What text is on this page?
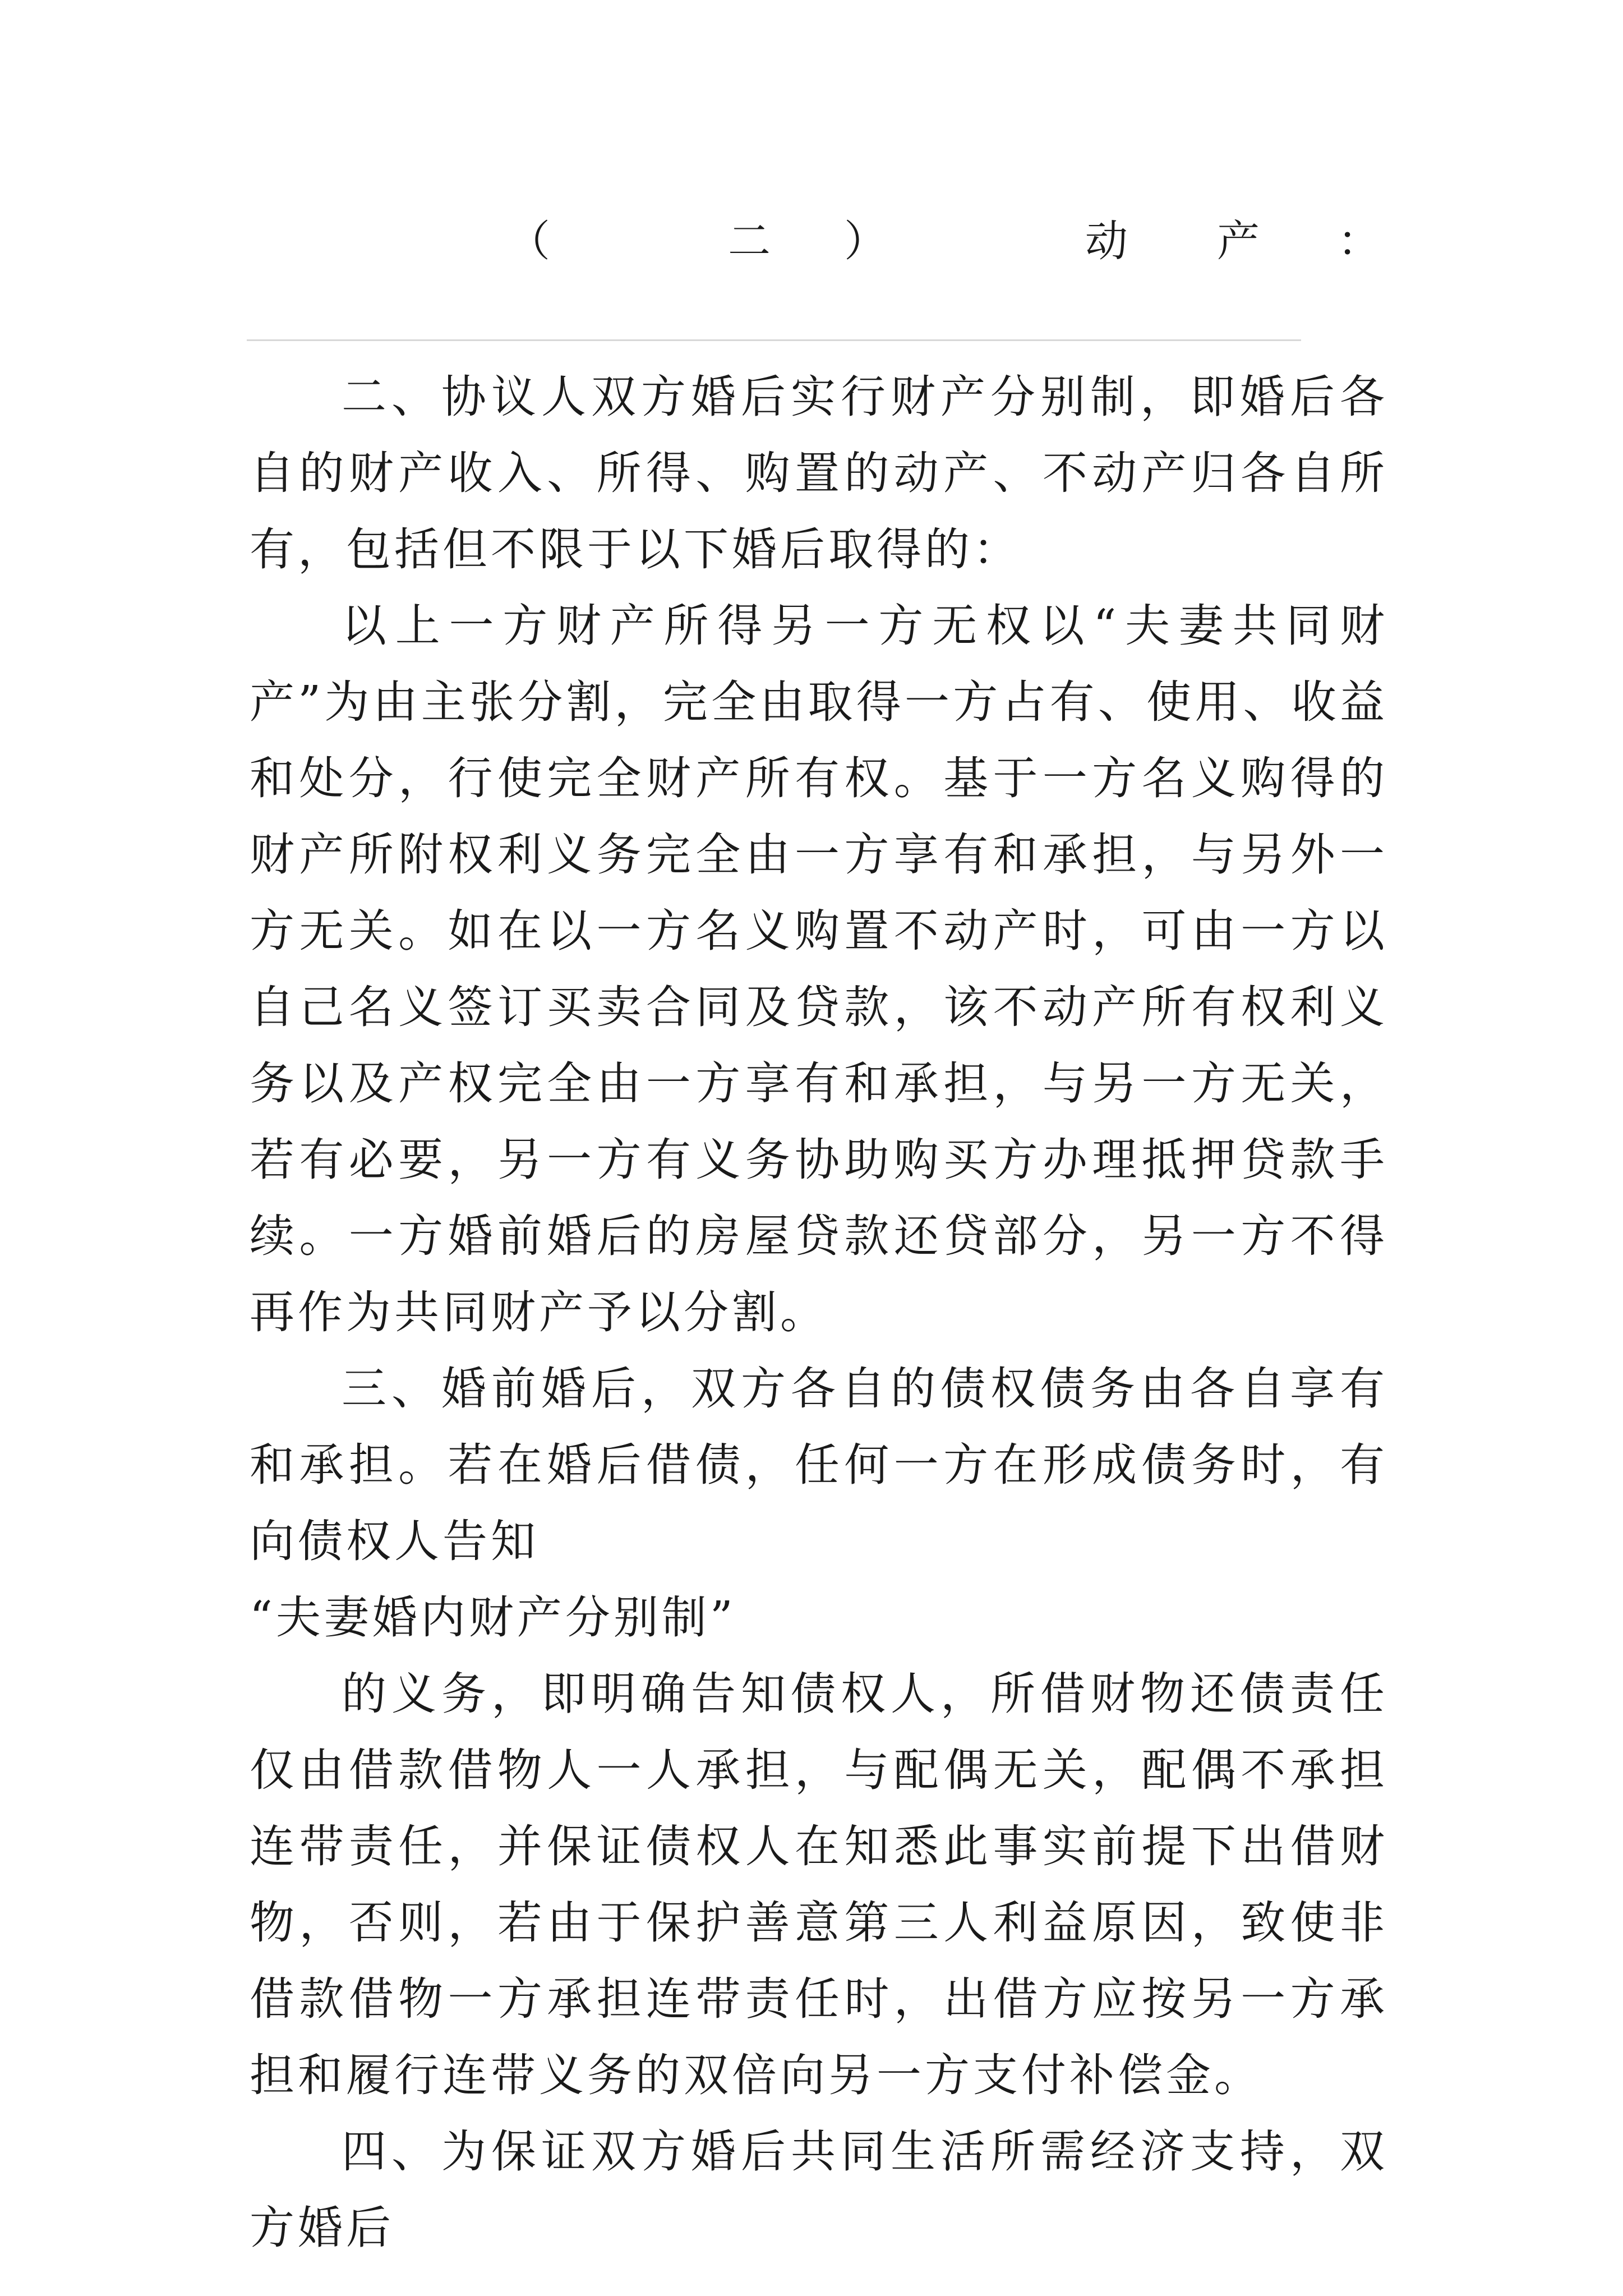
（	二 ）	动 产 ：

二、协议人双方婚后实行财产分别制，即婚后各自的财产收入、所得、购置的动产、不动产归各自所有，包括但不限于以下婚后取得的：

以上一方财产所得另一方无权以“夫妻共同财产”为由主张分割，完全由取得一方占有、使用、收益和处分，行使完全财产所有权。基于一方名义购得的财产所附权利义务完全由一方享有和承担，与另外一方无关。如在以一方名义购置不动产时，可由一方以自己名义签订买卖合同及贷款，该不动产所有权利义务以及产权完全由一方享有和承担，与另一方无关，若有必要，另一方有义务协助购买方办理抵押贷款手续。一方婚前婚后的房屋贷款还贷部分，另一方不得再作为共同财产予以分割。

三、婚前婚后，双方各自的债权债务由各自享有和承担。若在婚后借债，任何一方在形成债务时，有向债权人告知

“夫妻婚内财产分别制”

的义务，即明确告知债权人，所借财物还债责任仅由借款借物人一人承担，与配偶无关，配偶不承担连带责任，并保证债权人在知悉此事实前提下出借财物，否则，若由于保护善意第三人利益原因，致使非借款借物一方承担连带责任时，出借方应按另一方承担和履行连带义务的双倍向另一方支付补偿金。

四、为保证双方婚后共同生活所需经济支持，双方婚后
